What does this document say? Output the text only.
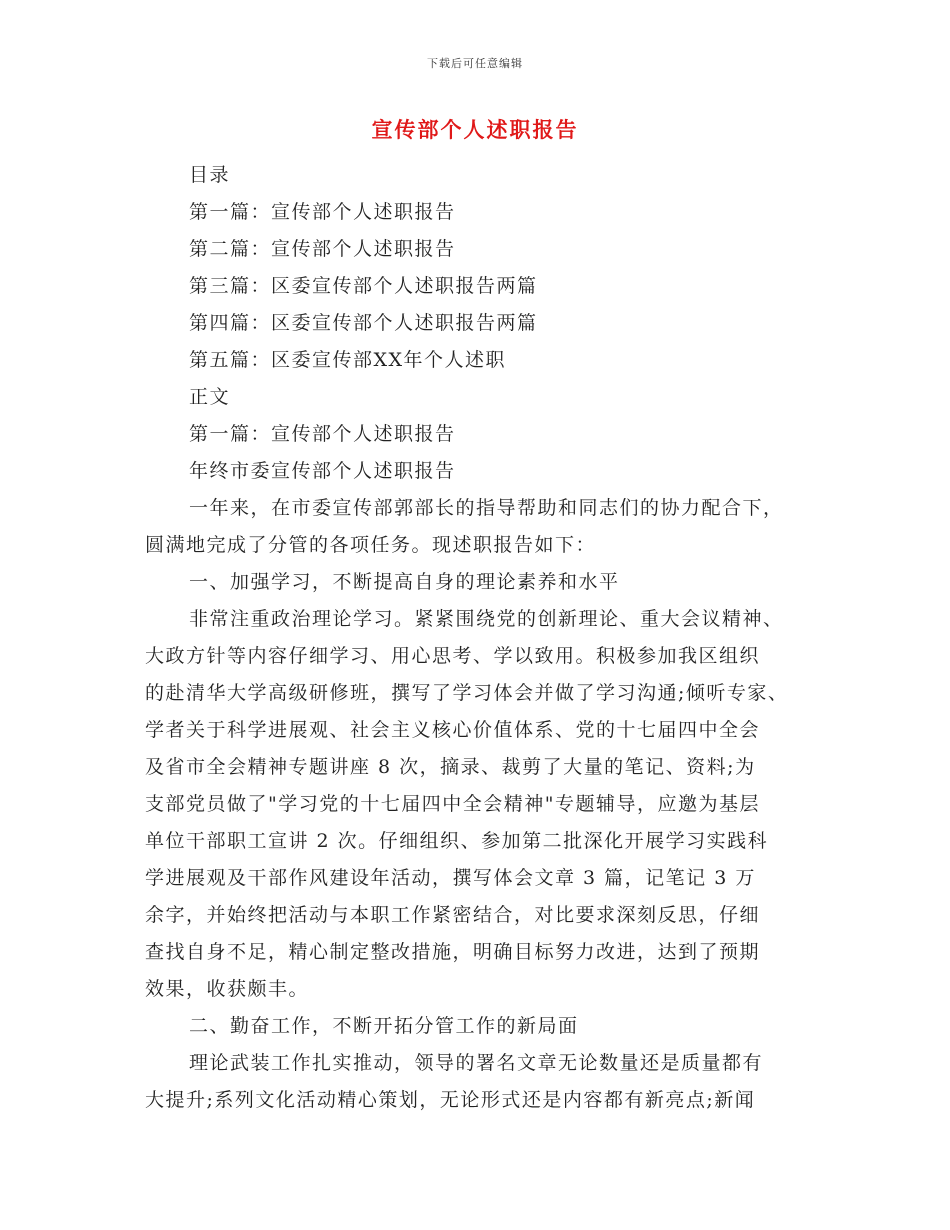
下载后可任意编辑
宣传部个人述职报告
目录
第一篇：宣传部个人述职报告
第二篇：宣传部个人述职报告
第三篇：区委宣传部个人述职报告两篇
第四篇：区委宣传部个人述职报告两篇
第五篇：区委宣传部XX年个人述职
正文
第一篇：宣传部个人述职报告
年终市委宣传部个人述职报告
一年来，在市委宣传部郭部长的指导帮助和同志们的协力配合下，
圆满地完成了分管的各项任务。现述职报告如下：
一、加强学习，不断提高自身的理论素养和水平
非常注重政治理论学习。紧紧围绕党的创新理论、重大会议精神、
大政方针等内容仔细学习、用心思考、学以致用。积极参加我区组织
的赴清华大学高级研修班，撰写了学习体会并做了学习沟通;倾听专家、
学者关于科学进展观、社会主义核心价值体系、党的十七届四中全会
及省市全会精神专题讲座 8 次，摘录、裁剪了大量的笔记、资料;为
支部党员做了"学习党的十七届四中全会精神"专题辅导，应邀为基层
单位干部职工宣讲 2 次。仔细组织、参加第二批深化开展学习实践科
学进展观及干部作风建设年活动，撰写体会文章 3 篇，记笔记 3 万
余字，并始终把活动与本职工作紧密结合，对比要求深刻反思，仔细
查找自身不足，精心制定整改措施，明确目标努力改进，达到了预期
效果，收获颇丰。
二、勤奋工作，不断开拓分管工作的新局面
理论武装工作扎实推动，领导的署名文章无论数量还是质量都有
大提升;系列文化活动精心策划，无论形式还是内容都有新亮点;新闻
